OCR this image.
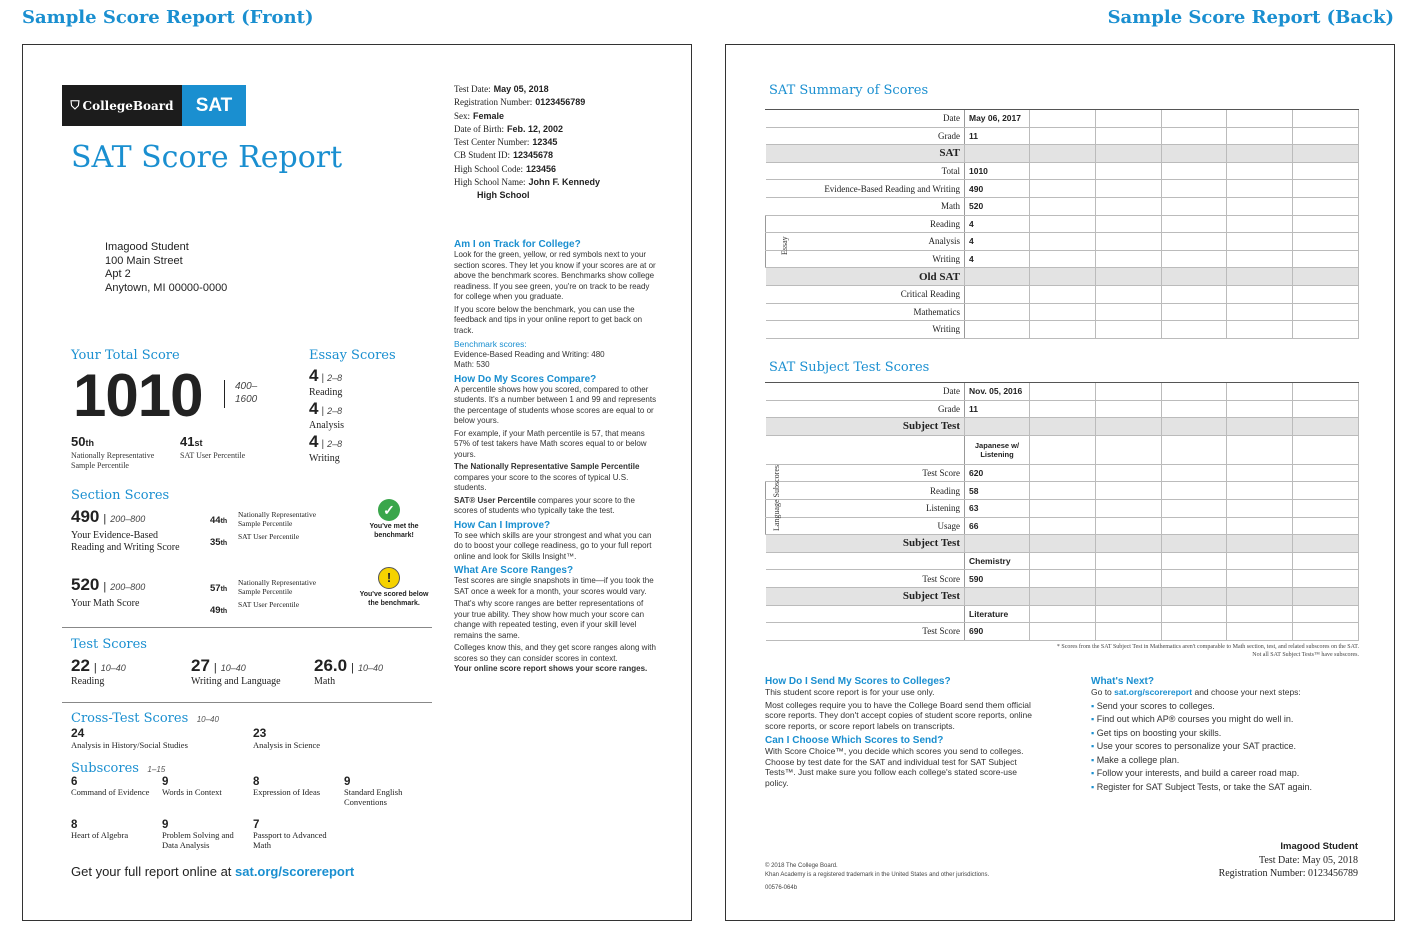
Sample Score Report (Front)	Sample Score Report (Back)
⛉ CollegeBoard	SAT
SAT Score Report
Test Date: May 05, 2018
Registration Number: 0123456789
Sex: Female
Date of Birth: Feb. 12, 2002
Test Center Number: 12345
CB Student ID: 12345678
High School Code: 123456
High School Name: John F. Kennedy
High School
Imagood Student
100 Main Street
Apt 2
Anytown, MI 00000-0000
Your Total Score
1010	400–
1600
50th
Nationally Representative Sample Percentile
41st
SAT User Percentile
Essay Scores
4 | 2–8
Reading
4 | 2–8
Analysis
4 | 2–8
Writing
Section Scores
490 | 200–800
Your Evidence-Based Reading and Writing Score
44th
Nationally Representative Sample Percentile
35th
SAT User Percentile
✓
You've met the benchmark!
520 | 200–800
Your Math Score
57th
Nationally Representative Sample Percentile
49th
SAT User Percentile
!
You've scored below the benchmark.
Test Scores
22 | 10–40
Reading
27 | 10–40
Writing and Language
26.0 | 10–40
Math
Cross-Test Scores 10–40
24
Analysis in History/Social Studies
23
Analysis in Science
Subscores 1–15
6
Command of Evidence
9
Words in Context
8
Expression of Ideas
9
Standard English Conventions
8
Heart of Algebra
9
Problem Solving and Data Analysis
7
Passport to Advanced Math
Get your full report online at sat.org/scorereport
Am I on Track for College?
Look for the green, yellow, or red symbols next to your section scores. They let you know if your scores are at or above the benchmark scores. Benchmarks show college readiness. If you see green, you're on track to be ready for college when you graduate.
If you score below the benchmark, you can use the feedback and tips in your online report to get back on track.
Benchmark scores:
Evidence-Based Reading and Writing: 480
Math: 530
How Do My Scores Compare?
A percentile shows how you scored, compared to other students. It's a number between 1 and 99 and represents the percentage of students whose scores are equal to or below yours.
For example, if your Math percentile is 57, that means 57% of test takers have Math scores equal to or below yours.
The Nationally Representative Sample Percentile compares your score to the scores of typical U.S. students.
SAT® User Percentile compares your score to the scores of students who typically take the test.
How Can I Improve?
To see which skills are your strongest and what you can do to boost your college readiness, go to your full report online and look for Skills Insight™.
What Are Score Ranges?
Test scores are single snapshots in time—if you took the SAT once a week for a month, your scores would vary.
That's why score ranges are better representations of your true ability. They show how much your score can change with repeated testing, even if your skill level remains the same.
Colleges know this, and they get score ranges along with scores so they can consider scores in context.
Your online score report shows your score ranges.
SAT Summary of Scores
Date	May 06, 2017					
Grade	11					
SAT						
Total	1010					
Evidence-Based Reading and Writing	490					
Math	520					
Reading	4					
Analysis	4					
Writing	4					
Old SAT						
Critical Reading						
Mathematics						
Writing						
Essay
SAT Subject Test Scores
Date	Nov. 05, 2016					
Grade	11					
Subject Test						
	Japanese w/ Listening					
Test Score	620					
Reading	58					
Listening	63					
Usage	66					
Subject Test						
	Chemistry					
Test Score	590					
Subject Test						
	Literature					
Test Score	690					
Language Subscores
* Scores from the SAT Subject Test in Mathematics aren't comparable to Math section, test, and related subscores on the SAT.
Not all SAT Subject Tests™ have subscores.
How Do I Send My Scores to Colleges?
This student score report is for your use only.
Most colleges require you to have the College Board send them official score reports. They don't accept copies of student score reports, online score reports, or score report labels on transcripts.
Can I Choose Which Scores to Send?
With Score Choice™, you decide which scores you send to colleges. Choose by test date for the SAT and individual test for SAT Subject Tests™. Just make sure you follow each college's stated score-use policy.
What's Next?
Go to sat.org/scorereport and choose your next steps:
▪ Send your scores to colleges.
▪ Find out which AP® courses you might do well in.
▪ Get tips on boosting your skills.
▪ Use your scores to personalize your SAT practice.
▪ Make a college plan.
▪ Follow your interests, and build a career road map.
▪ Register for SAT Subject Tests, or take the SAT again.
© 2018 The College Board.
Khan Academy is a registered trademark in the United States and other jurisdictions.
00576-064b
Imagood Student
Test Date: May 05, 2018
Registration Number: 0123456789
